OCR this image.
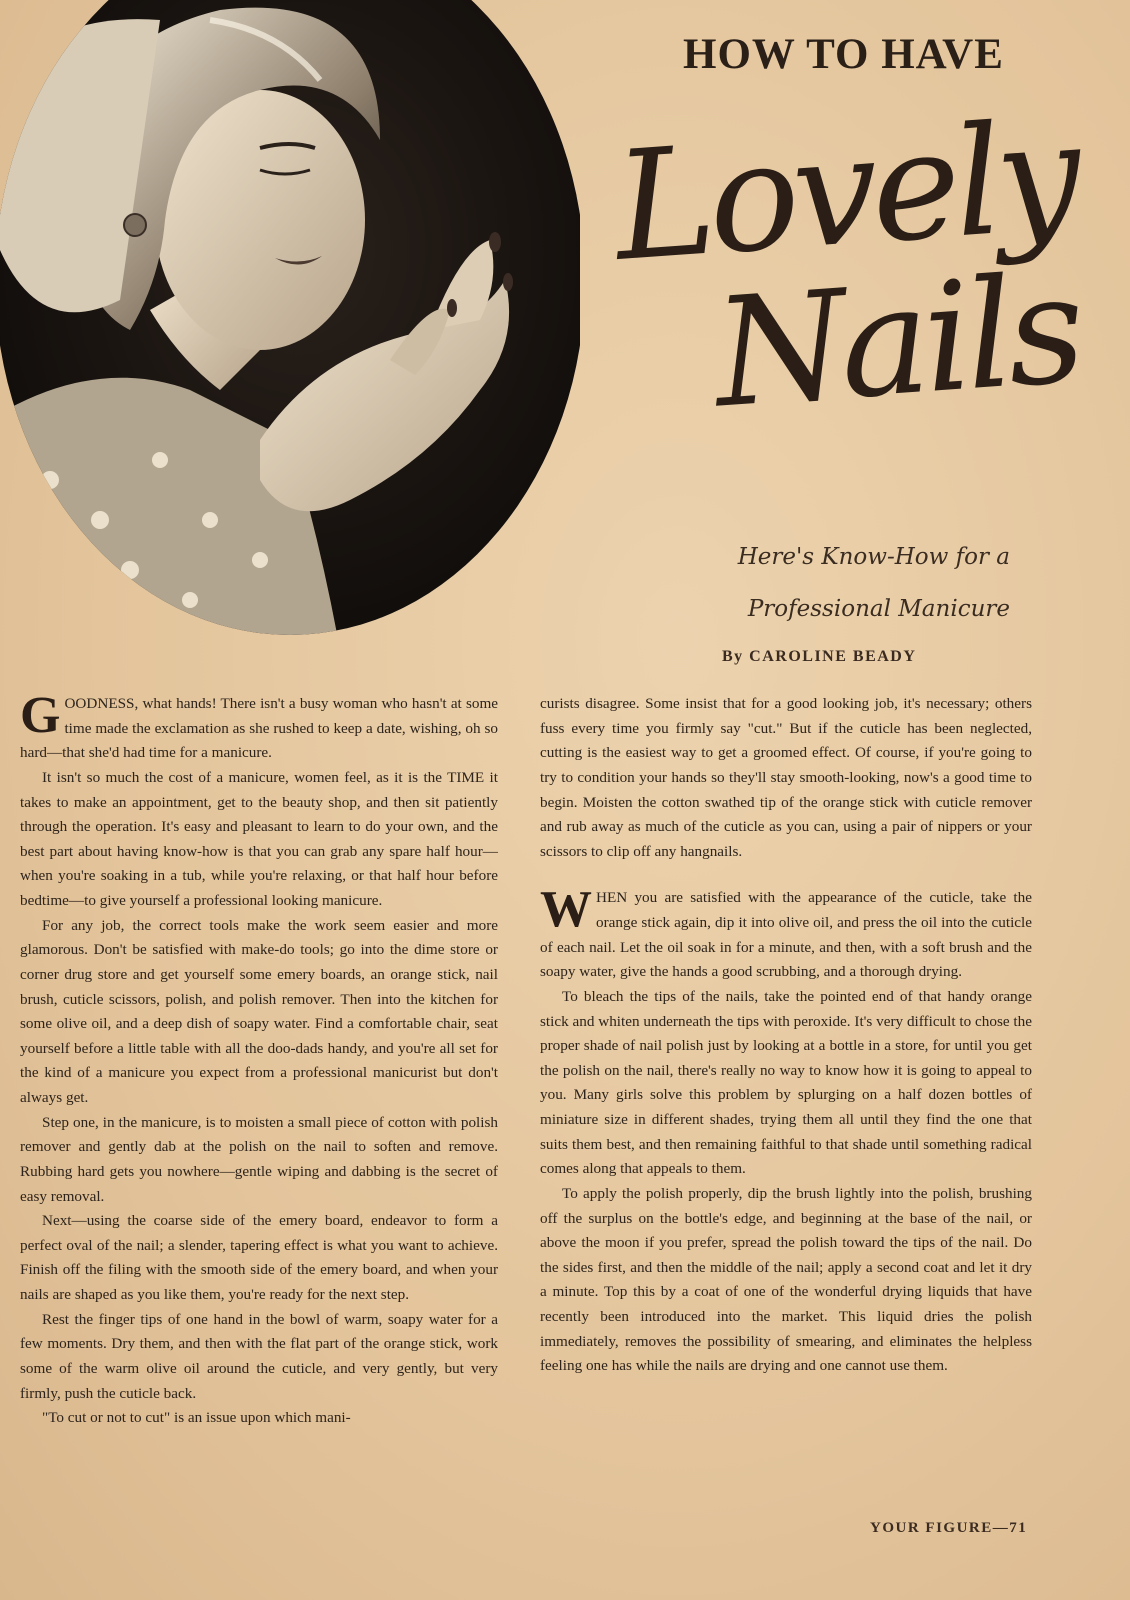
HOW TO HAVE
Lovely
Nails
Here's Know-How for a
Professional Manicure
By CAROLINE BEADY

GOODNESS, what hands! There isn't a busy woman who hasn't at some time made the exclamation as she rushed to keep a date, wishing, oh so hard—that she'd had time for a manicure.

It isn't so much the cost of a manicure, women feel, as it is the TIME it takes to make an appointment, get to the beauty shop, and then sit patiently through the operation. It's easy and pleasant to learn to do your own, and the best part about having know-how is that you can grab any spare half hour—when you're soaking in a tub, while you're relaxing, or that half hour before bedtime—to give yourself a professional looking manicure.

For any job, the correct tools make the work seem easier and more glamorous. Don't be satisfied with make-do tools; go into the dime store or corner drug store and get yourself some emery boards, an orange stick, nail brush, cuticle scissors, polish, and polish remover. Then into the kitchen for some olive oil, and a deep dish of soapy water. Find a comfortable chair, seat yourself before a little table with all the doo-dads handy, and you're all set for the kind of a manicure you expect from a professional manicurist but don't always get.

Step one, in the manicure, is to moisten a small piece of cotton with polish remover and gently dab at the polish on the nail to soften and remove. Rubbing hard gets you nowhere—gentle wiping and dabbing is the secret of easy removal.

Next—using the coarse side of the emery board, endeavor to form a perfect oval of the nail; a slender, tapering effect is what you want to achieve. Finish off the filing with the smooth side of the emery board, and when your nails are shaped as you like them, you're ready for the next step.

Rest the finger tips of one hand in the bowl of warm, soapy water for a few moments. Dry them, and then with the flat part of the orange stick, work some of the warm olive oil around the cuticle, and very gently, but very firmly, push the cuticle back.

"To cut or not to cut" is an issue upon which mani-

curists disagree. Some insist that for a good looking job, it's necessary; others fuss every time you firmly say "cut." But if the cuticle has been neglected, cutting is the easiest way to get a groomed effect. Of course, if you're going to try to condition your hands so they'll stay smooth-looking, now's a good time to begin. Moisten the cotton swathed tip of the orange stick with cuticle remover and rub away as much of the cuticle as you can, using a pair of nippers or your scissors to clip off any hangnails.

WHEN you are satisfied with the appearance of the cuticle, take the orange stick again, dip it into olive oil, and press the oil into the cuticle of each nail. Let the oil soak in for a minute, and then, with a soft brush and the soapy water, give the hands a good scrubbing, and a thorough drying.

To bleach the tips of the nails, take the pointed end of that handy orange stick and whiten underneath the tips with peroxide. It's very difficult to chose the proper shade of nail polish just by looking at a bottle in a store, for until you get the polish on the nail, there's really no way to know how it is going to appeal to you. Many girls solve this problem by splurging on a half dozen bottles of miniature size in different shades, trying them all until they find the one that suits them best, and then remaining faithful to that shade until something radical comes along that appeals to them.

To apply the polish properly, dip the brush lightly into the polish, brushing off the surplus on the bottle's edge, and beginning at the base of the nail, or above the moon if you prefer, spread the polish toward the tips of the nail. Do the sides first, and then the middle of the nail; apply a second coat and let it dry a minute. Top this by a coat of one of the wonderful drying liquids that have recently been introduced into the market. This liquid dries the polish immediately, removes the possibility of smearing, and eliminates the helpless feeling one has while the nails are drying and one cannot use them.

YOUR FIGURE—71
